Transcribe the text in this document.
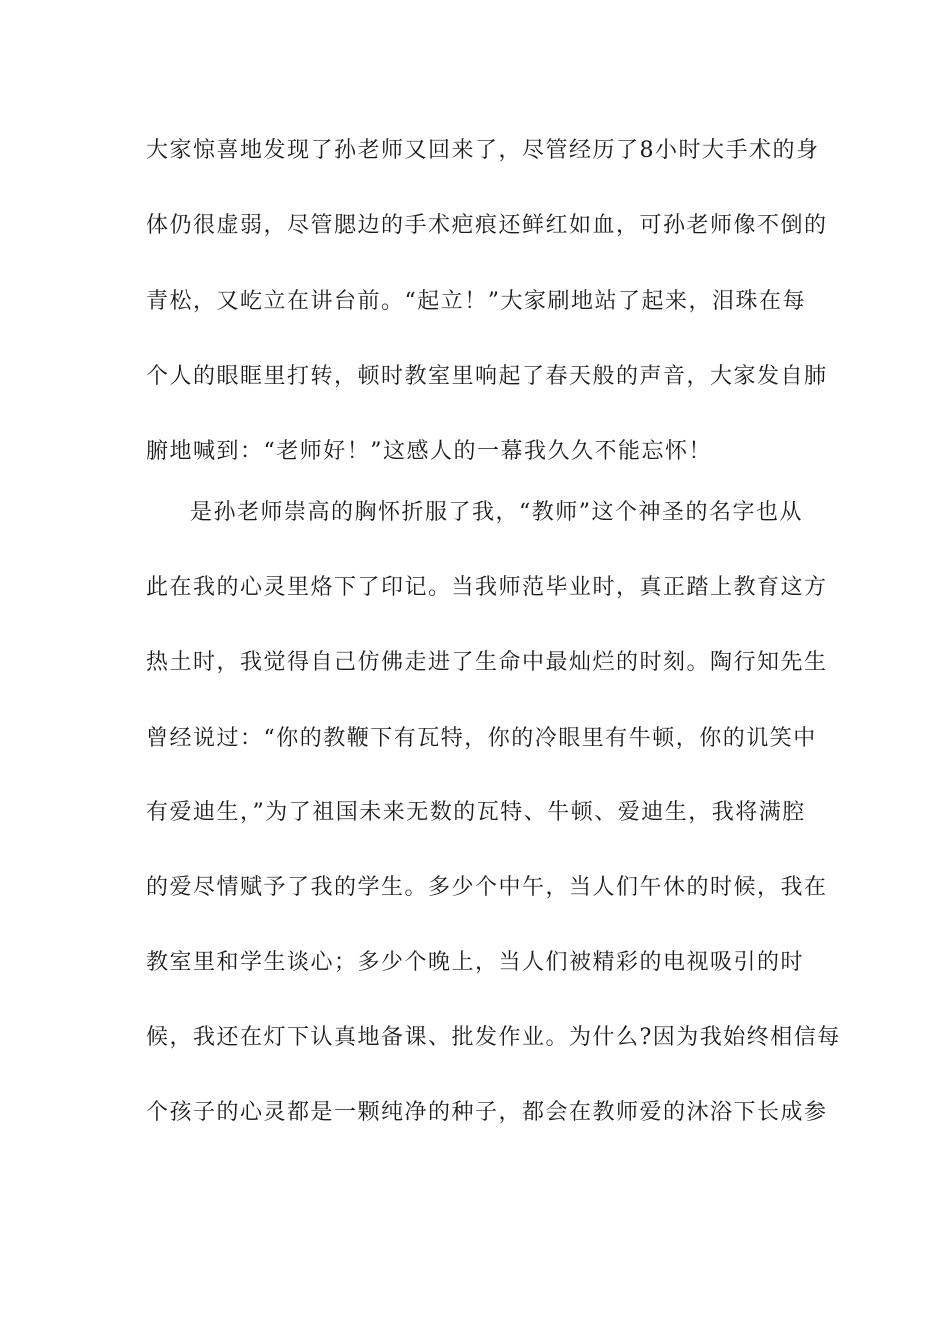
大家惊喜地发现了孙老师又回来了，尽管经历了8小时大手术的身
体仍很虚弱，尽管腮边的手术疤痕还鲜红如血，可孙老师像不倒的
青松，又屹立在讲台前。“起立！”大家刷地站了起来，泪珠在每
个人的眼眶里打转，顿时教室里响起了春天般的声音，大家发自肺
腑地喊到：“老师好！”这感人的一幕我久久不能忘怀！
是孙老师崇高的胸怀折服了我，“教师”这个神圣的名字也从
此在我的心灵里烙下了印记。当我师范毕业时，真正踏上教育这方
热土时，我觉得自己仿佛走进了生命中最灿烂的时刻。陶行知先生
曾经说过：“你的教鞭下有瓦特，你的冷眼里有牛顿，你的讥笑中
有爱迪生，”为了祖国未来无数的瓦特、牛顿、爱迪生，我将满腔
的爱尽情赋予了我的学生。多少个中午，当人们午休的时候，我在
教室里和学生谈心；多少个晚上，当人们被精彩的电视吸引的时
候，我还在灯下认真地备课、批发作业。为什么?因为我始终相信每
个孩子的心灵都是一颗纯净的种子，都会在教师爱的沐浴下长成参
